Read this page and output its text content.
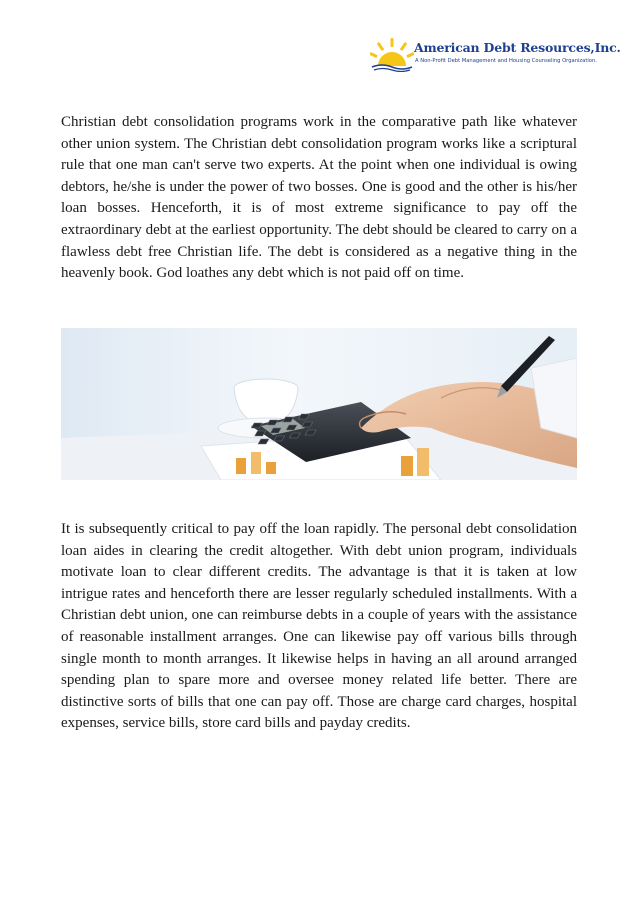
American Debt Resources,Inc.
A Non-Profit Debt Management and Housing Counseling Organization.

Christian debt consolidation programs work in the comparative path like whatever other union system. The Christian debt consolidation program works like a scriptural rule that one man can't serve two experts. At the point when one individual is owing debtors, he/she is under the power of two bosses. One is good and the other is his/her loan bosses. Henceforth, it is of most extreme significance to pay off the extraordinary debt at the earliest opportunity. The debt should be cleared to carry on a flawless debt free Christian life. The debt is considered as a negative thing in the heavenly book. God loathes any debt which is not paid off on time.

It is subsequently critical to pay off the loan rapidly. The personal debt consolidation loan aides in clearing the credit altogether. With debt union program, individuals motivate loan to clear different credits. The advantage is that it is taken at low intrigue rates and henceforth there are lesser regularly scheduled installments. With a Christian debt union, one can reimburse debts in a couple of years with the assistance of reasonable installment arranges. One can likewise pay off various bills through single month to month arranges. It likewise helps in having an all around arranged spending plan to spare more and oversee money related life better. There are distinctive sorts of bills that one can pay off. Those are charge card charges, hospital expenses, service bills, store card bills and payday credits.
